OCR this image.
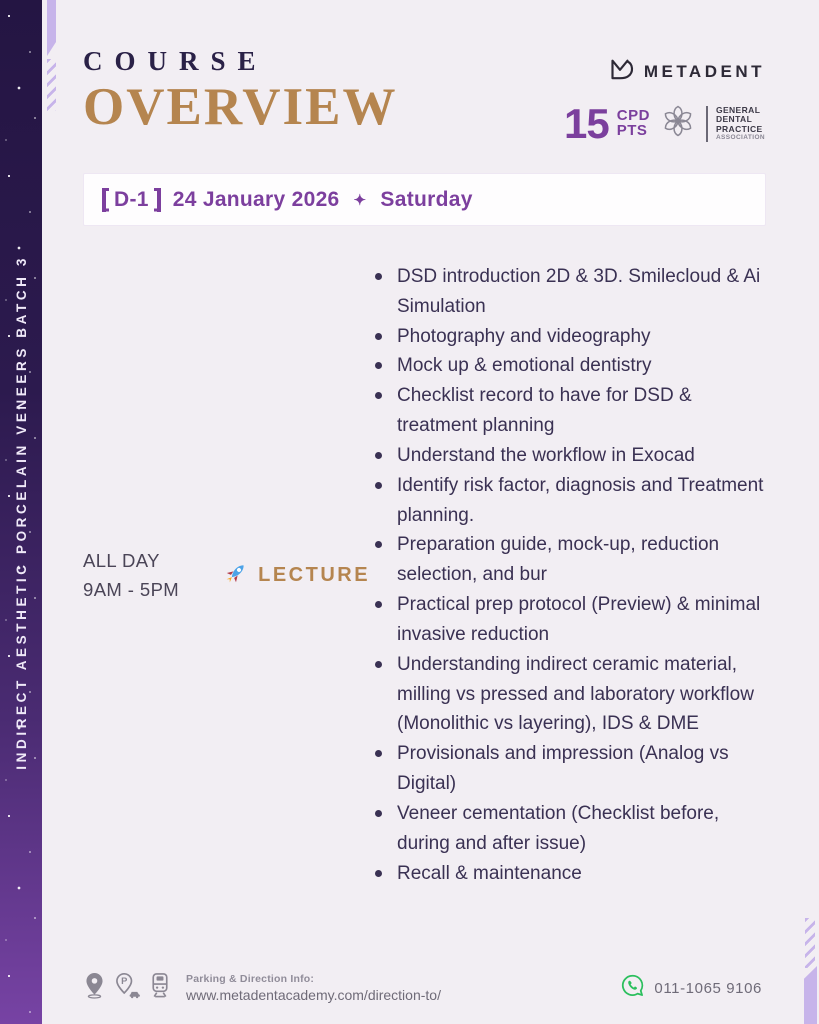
INDIRECT AESTHETIC PORCELAIN VENEERS BATCH 3
COURSE
OVERVIEW
METADENT
15 CPD
PTS
GENERAL
DENTAL
PRACTICE
ASSOCIATION
D-1 24 January 2026 ✦ Saturday
ALL DAY
9AM - 5PM
LECTURE
DSD introduction 2D & 3D. Smilecloud & Ai Simulation
Photography and videography
Mock up & emotional dentistry
Checklist record to have for DSD & treatment planning
Understand the workflow in Exocad
Identify risk factor, diagnosis and Treatment planning.
Preparation guide, mock-up, reduction selection, and bur
Practical prep protocol (Preview) & minimal invasive reduction
Understanding indirect ceramic material, milling vs pressed and laboratory workflow (Monolithic vs layering), IDS & DME
Provisionals and impression (Analog vs Digital)
Veneer cementation (Checklist before, during and after issue)
Recall & maintenance
P	Parking & Direction Info:
www.metadentacademy.com/direction-to/	011-1065 9106
